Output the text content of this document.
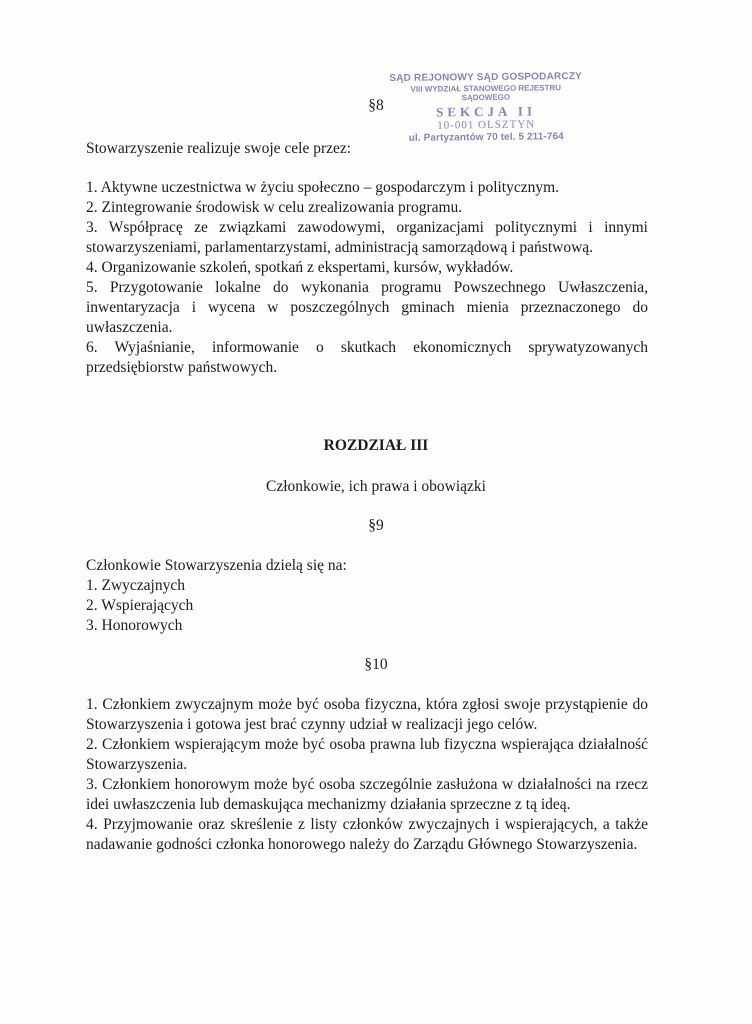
SĄD REJONOWY SĄD GOSPODARCZY
VIII WYDZIAŁ STANOWEGO REJESTRU SĄDOWEGO
SEKCJA II
10-001 OLSZTYN
ul. Partyzantów 70 tel. 5 211-764
§8
Stowarzyszenie realizuje swoje cele przez:

1. Aktywne uczestnictwa w życiu społeczno – gospodarczym i politycznym.

2. Zintegrowanie środowisk w celu zrealizowania programu.

3. Współpracę ze związkami zawodowymi, organizacjami politycznymi i innymi stowarzyszeniami, parlamentarzystami, administracją samorządową i państwową.

4. Organizowanie szkoleń, spotkań z ekspertami, kursów, wykładów.

5. Przygotowanie lokalne do wykonania programu Powszechnego Uwłaszczenia, inwentaryzacja i wycena w poszczególnych gminach mienia przeznaczonego do uwłaszczenia.

6. Wyjaśnianie, informowanie o skutkach ekonomicznych sprywatyzowanych przedsiębiorstw państwowych.

ROZDZIAŁ III
Członkowie, ich prawa i obowiązki
§9

Członkowie Stowarzyszenia dzielą się na:

1. Zwyczajnych

2. Wspierających

3. Honorowych

§10

1. Członkiem zwyczajnym może być osoba fizyczna, która zgłosi swoje przystąpienie do Stowarzyszenia i gotowa jest brać czynny udział w realizacji jego celów.

2. Członkiem wspierającym może być osoba prawna lub fizyczna wspierająca działalność Stowarzyszenia.

3. Członkiem honorowym może być osoba szczególnie zasłużona w działalności na rzecz idei uwłaszczenia lub demaskująca mechanizmy działania sprzeczne z tą ideą.

4. Przyjmowanie oraz skreślenie z listy członków zwyczajnych i wspierających, a także nadawanie godności członka honorowego należy do Zarządu Głównego Stowarzyszenia.
